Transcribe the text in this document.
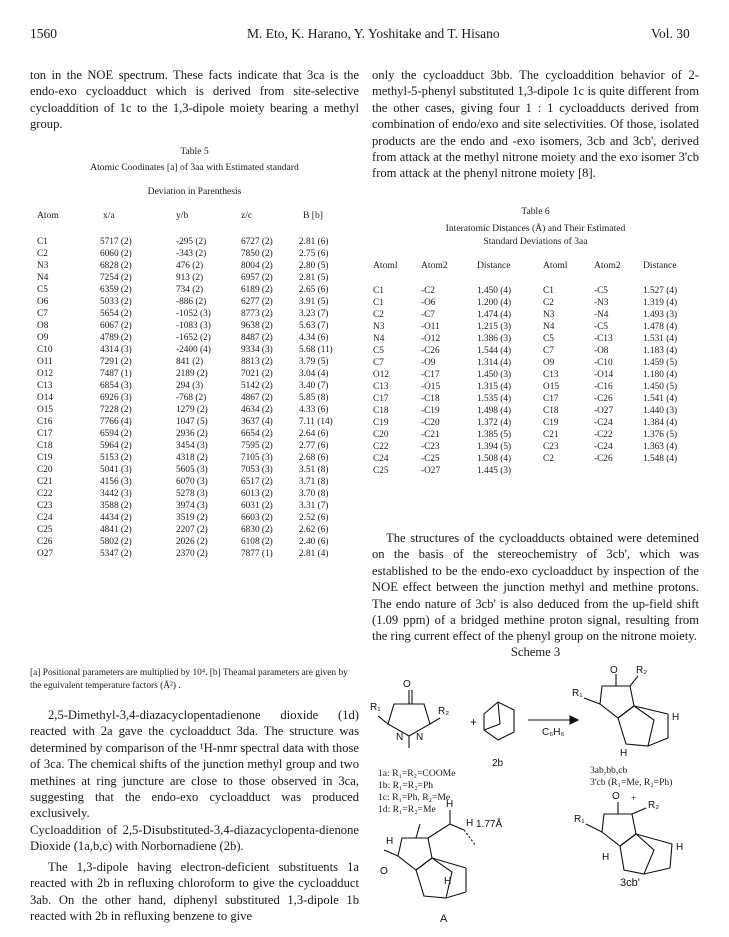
1560	M. Eto, K. Harano, Y. Yoshitake and T. Hisano	Vol. 30

ton in the NOE spectrum. These facts indicate that 3ca is the endo-exo cycloadduct which is derived from site-selective cycloaddition of 1c to the 1,3-dipole moiety bearing a methyl group.

Table 5
Atomic Coodinates [a] of 3aa with Estimated standard
Deviation in Parenthesis
Atom	x/a	y/b	z/c	B [b]
C1	5717 (2)	-295 (2)	6727 (2)	2.81 (6)
C2	6060 (2)	-343 (2)	7850 (2)	2.75 (6)
N3	6828 (2)	476 (2)	8004 (2)	2.80 (5)
N4	7254 (2)	913 (2)	6957 (2)	2.81 (5)
C5	6359 (2)	734 (2)	6189 (2)	2.65 (6)
O6	5033 (2)	-886 (2)	6277 (2)	3.91 (5)
C7	5654 (2)	-1052 (3)	8773 (2)	3.23 (7)
O8	6067 (2)	-1083 (3)	9638 (2)	5.63 (7)
O9	4789 (2)	-1652 (2)	8487 (2)	4.34 (6)
C10	4314 (3)	-2400 (4)	9334 (3)	5.68 (11)
O11	7291 (2)	841 (2)	8813 (2)	3.79 (5)
O12	7487 (1)	2189 (2)	7021 (2)	3.04 (4)
C13	6854 (3)	294 (3)	5142 (2)	3.40 (7)
O14	6926 (3)	-768 (2)	4867 (2)	5.85 (8)
O15	7228 (2)	1279 (2)	4634 (2)	4.33 (6)
C16	7766 (4)	1047 (5)	3637 (4)	7.11 (14)
C17	6594 (2)	2936 (2)	6654 (2)	2.64 (6)
C18	5964 (2)	3454 (3)	7595 (2)	2.77 (6)
C19	5153 (2)	4318 (2)	7105 (3)	2.68 (6)
C20	5041 (3)	5605 (3)	7053 (3)	3.51 (8)
C21	4156 (3)	6070 (3)	6517 (2)	3.71 (8)
C22	3442 (3)	5278 (3)	6013 (2)	3.70 (8)
C23	3588 (2)	3974 (3)	6031 (2)	3.31 (7)
C24	4434 (2)	3519 (2)	6603 (2)	2.52 (6)
C25	4841 (2)	2207 (2)	6830 (2)	2.62 (6)
C26	5802 (2)	2026 (2)	6108 (2)	2.40 (6)
O27	5347 (2)	2370 (2)	7877 (1)	2.81 (4)
[a] Positional parameters are multiplied by 10⁴. [b] Theamal parameters are given by the eguivalent temperature factors (Å²) .

2,5-Dimethyl-3,4-diazacyclopentadienone dioxide (1d) reacted with 2a gave the cycloadduct 3da. The structure was determined by comparison of the ¹H-nmr spectral data with those of 3ca. The chemical shifts of the junction methyl group and two methines at ring juncture are close to those observed in 3ca, suggesting that the endo-exo cycloadduct was produced exclusively.

Cycloaddition of 2,5-Disubstituted-3,4-diazacyclopenta-dienone Dioxide (1a,b,c) with Norbornadiene (2b).

The 1,3-dipole having electron-deficient substituents 1a reacted with 2b in refluxing chloroform to give the cycloadduct 3ab. On the other hand, diphenyl substituted 1,3-dipole 1b reacted with 2b in refluxing benzene to give

only the cycloadduct 3bb. The cycloaddition behavior of 2-methyl-5-phenyl substituted 1,3-dipole 1c is quite different from the other cases, giving four 1 : 1 cycloadducts derived from combination of endo/exo and site selectivities. Of those, isolated products are the endo and -exo isomers, 3cb and 3cb', derived from attack at the methyl nitrone moiety and the exo isomer 3'cb from attack at the phenyl nitrone moiety [8].

Table 6
Interatomic Distances (Å) and Their Estimated
Standard Deviations of 3aa
Atoml Atom2	Distance	Atoml	Atom2 Distance
C1	-C2	1.450 (4)	C1	-C5	1.527 (4)
C1	-O6	1.200 (4)	C2	-N3	1.319 (4)
C2	-C7	1.474 (4)	N3	-N4	1.493 (3)
N3	-O11	1.215 (3)	N4	-C5	1.478 (4)
N4	-O12	1.386 (3)	C5	-C13	1.531 (4)
C5	-C26	1.544 (4)	C7	-O8	1.183 (4)
C7	-O9	1.314 (4)	O9	-C10	1.459 (5)
O12	-C17	1.450 (3)	C13	-O14	1.180 (4)
C13	-O15	1.315 (4)	O15	-C16	1.450 (5)
C17	-C18	1.535 (4)	C17	-C26	1.541 (4)
C18	-C19	1.498 (4)	C18	-O27	1.440 (3)
C19	-C20	1.372 (4)	C19	-C24	1.384 (4)
C20	-C21	1.385 (5)	C21	-C22	1.376 (5)
C22	-C23	1.394 (5)	C23	-C24	1.363 (4)
C24	-C25	1.508 (4)	C2	-C26	1.548 (4)
C25	-O27	1.445 (3)

The structures of the cycloadducts obtained were detemined on the basis of the stereochemistry of 3cb', which was established to be the endo-exo cycloadduct by inspection of the NOE effect between the junction methyl and methine protons. The endo nature of 3cb' is also deduced from the up-field shift (1.09 ppm) of a bridged methine proton signal, resulting from the ring current effect of the phenyl group on the nitrone moiety.

Scheme 3
O
R₁	R₂
N N
+
C₆H₆
O
R₁
R₂
H
H
2b
H
H
H
H
O
1.77Å
A
O
R₁
R₂
H
H
3cb'
1a: R₁=R₂=COOMe
1b: R₁=R₂=Ph
1c: R₁=Ph, R₂=Me
1d: R₁=R₂=Me
3ab,bb,cb
3'cb (R₁=Me, R₂=Ph)
+
